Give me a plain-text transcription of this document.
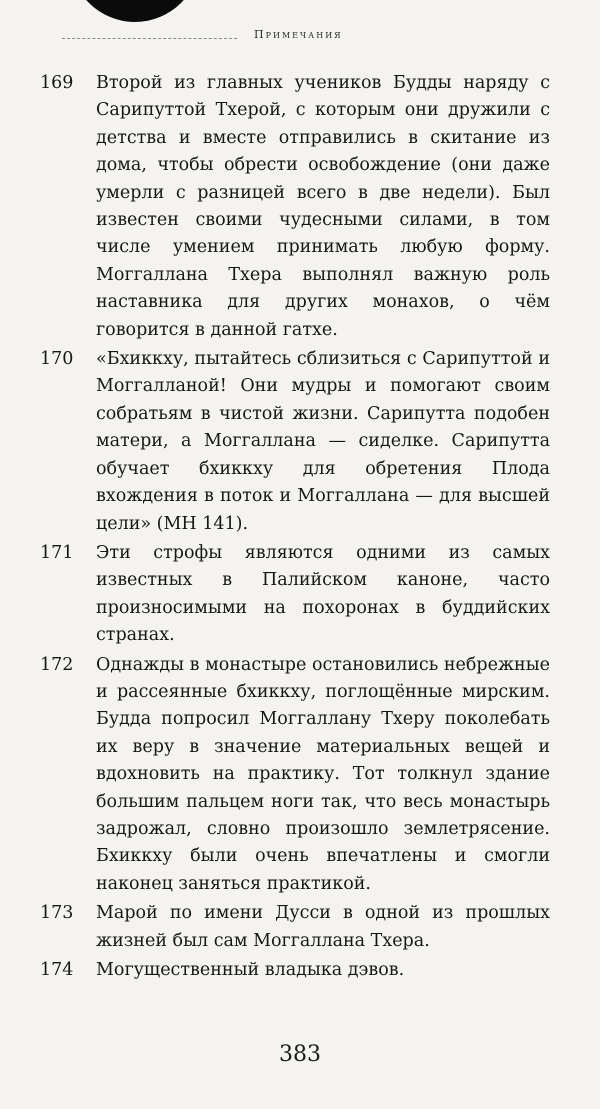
Примечания
169 Второй из главных учеников Будды наряду с Сарипуттой Тхерой, с которым они дружили с детства и вместе отправились в скитание из дома, чтобы обрести освобождение (они даже умерли с разницей всего в две недели). Был известен своими чудесными силами, в том числе умением принимать любую форму. Моггаллана Тхера выполнял важную роль наставника для других монахов, о чём говорится в данной гатхе.
170 «Бхиккху, пытайтесь сблизиться с Сарипуттой и Моггаллaной! Они мудры и помогают своим собратьям в чистой жизни. Сарипутта подобен матери, а Моггаллана — сиделке. Сарипутта обучает бхиккху для обретения Плода вхождения в поток и Моггаллана — для высшей цели» (MН 141).
171 Эти строфы являются одними из самых известных в Палийском каноне, часто произносимыми на похоронах в буддийских странах.
172 Однажды в монастыре остановились небрежные и рассеянные бхиккху, поглощённые мирским. Будда попросил Моггаллану Тхеру поколебать их веру в значение материальных вещей и вдохновить на практику. Тот толкнул здание большим пальцем ноги так, что весь монастырь задрожал, словно произошло землетрясение. Бхиккху были очень впечатлены и смогли наконец заняться практикой.
173 Марой по имени Дусси в одной из прошлых жизней был сам Моггаллана Тхера.
174 Могущественный владыка дэвов.
383
